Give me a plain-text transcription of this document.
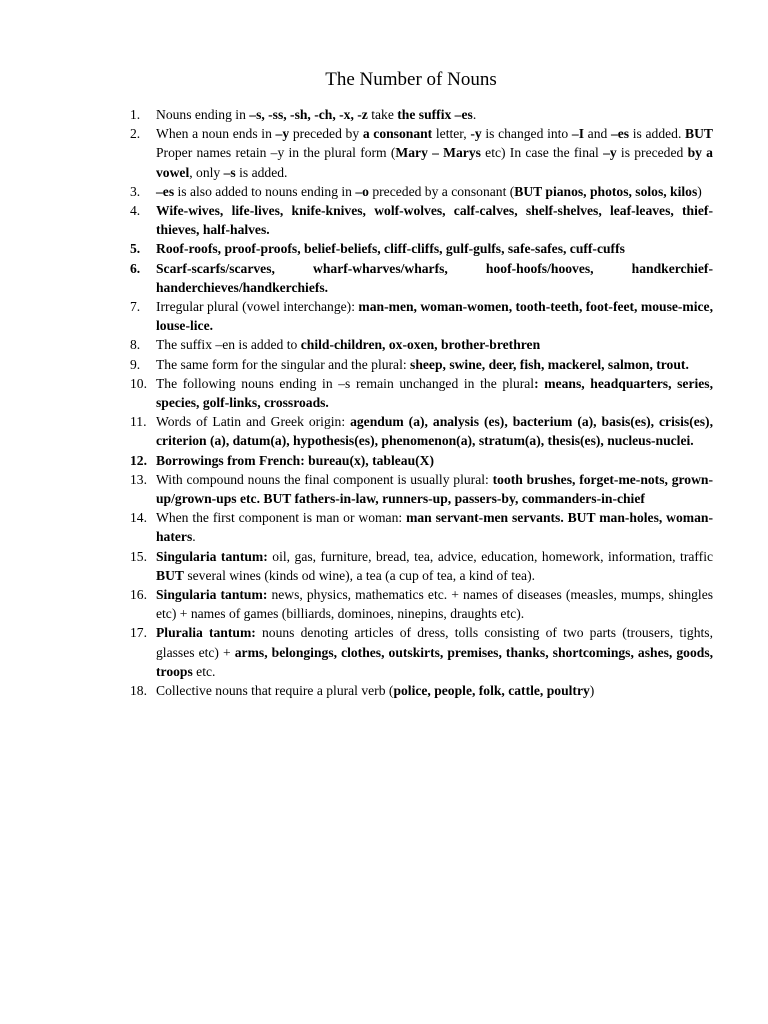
The Number of Nouns
1.	Nouns ending in –s, -ss, -sh, -ch, -x, -z take the suffix –es.
2.	When a noun ends in –y preceded by a consonant letter, -y is changed into –I and –es is added. BUT Proper names retain –y in the plural form (Mary – Marys etc) In case the final –y is preceded by a vowel, only –s is added.
3.	–es is also added to nouns ending in –o preceded by a consonant (BUT pianos, photos, solos, kilos)
4.	Wife-wives, life-lives, knife-knives, wolf-wolves, calf-calves, shelf-shelves, leaf-leaves, thief-thieves, half-halves.
5.	Roof-roofs, proof-proofs, belief-beliefs, cliff-cliffs, gulf-gulfs, safe-safes, cuff-cuffs
6.	Scarf-scarfs/scarves, wharf-wharves/wharfs, hoof-hoofs/hooves, handkerchief-handerchieves/handkerchiefs.
7.	Irregular plural (vowel interchange): man-men, woman-women, tooth-teeth, foot-feet, mouse-mice, louse-lice.
8.	The suffix –en is added to child-children, ox-oxen, brother-brethren
9.	The same form for the singular and the plural: sheep, swine, deer, fish, mackerel, salmon, trout.
10. The following nouns ending in –s remain unchanged in the plural: means, headquarters, series, species, golf-links, crossroads.
11. Words of Latin and Greek origin: agendum (a), analysis (es), bacterium (a), basis(es), crisis(es), criterion (a), datum(a), hypothesis(es), phenomenon(a), stratum(a), thesis(es), nucleus-nuclei.
12. Borrowings from French: bureau(x), tableau(X)
13. With compound nouns the final component is usually plural: tooth brushes, forget-me-nots, grown-up/grown-ups etc. BUT fathers-in-law, runners-up, passers-by, commanders-in-chief
14. When the first component is man or woman: man servant-men servants. BUT man-holes, woman-haters.
15. Singularia tantum: oil, gas, furniture, bread, tea, advice, education, homework, information, traffic BUT several wines (kinds od wine), a tea (a cup of tea, a kind of tea).
16. Singularia tantum: news, physics, mathematics etc. + names of diseases (measles, mumps, shingles etc) + names of games (billiards, dominoes, ninepins, draughts etc).
17. Pluralia tantum: nouns denoting articles of dress, tolls consisting of two parts (trousers, tights, glasses etc) + arms, belongings, clothes, outskirts, premises, thanks, shortcomings, ashes, goods, troops etc.
18. Collective nouns that require a plural verb (police, people, folk, cattle, poultry)
